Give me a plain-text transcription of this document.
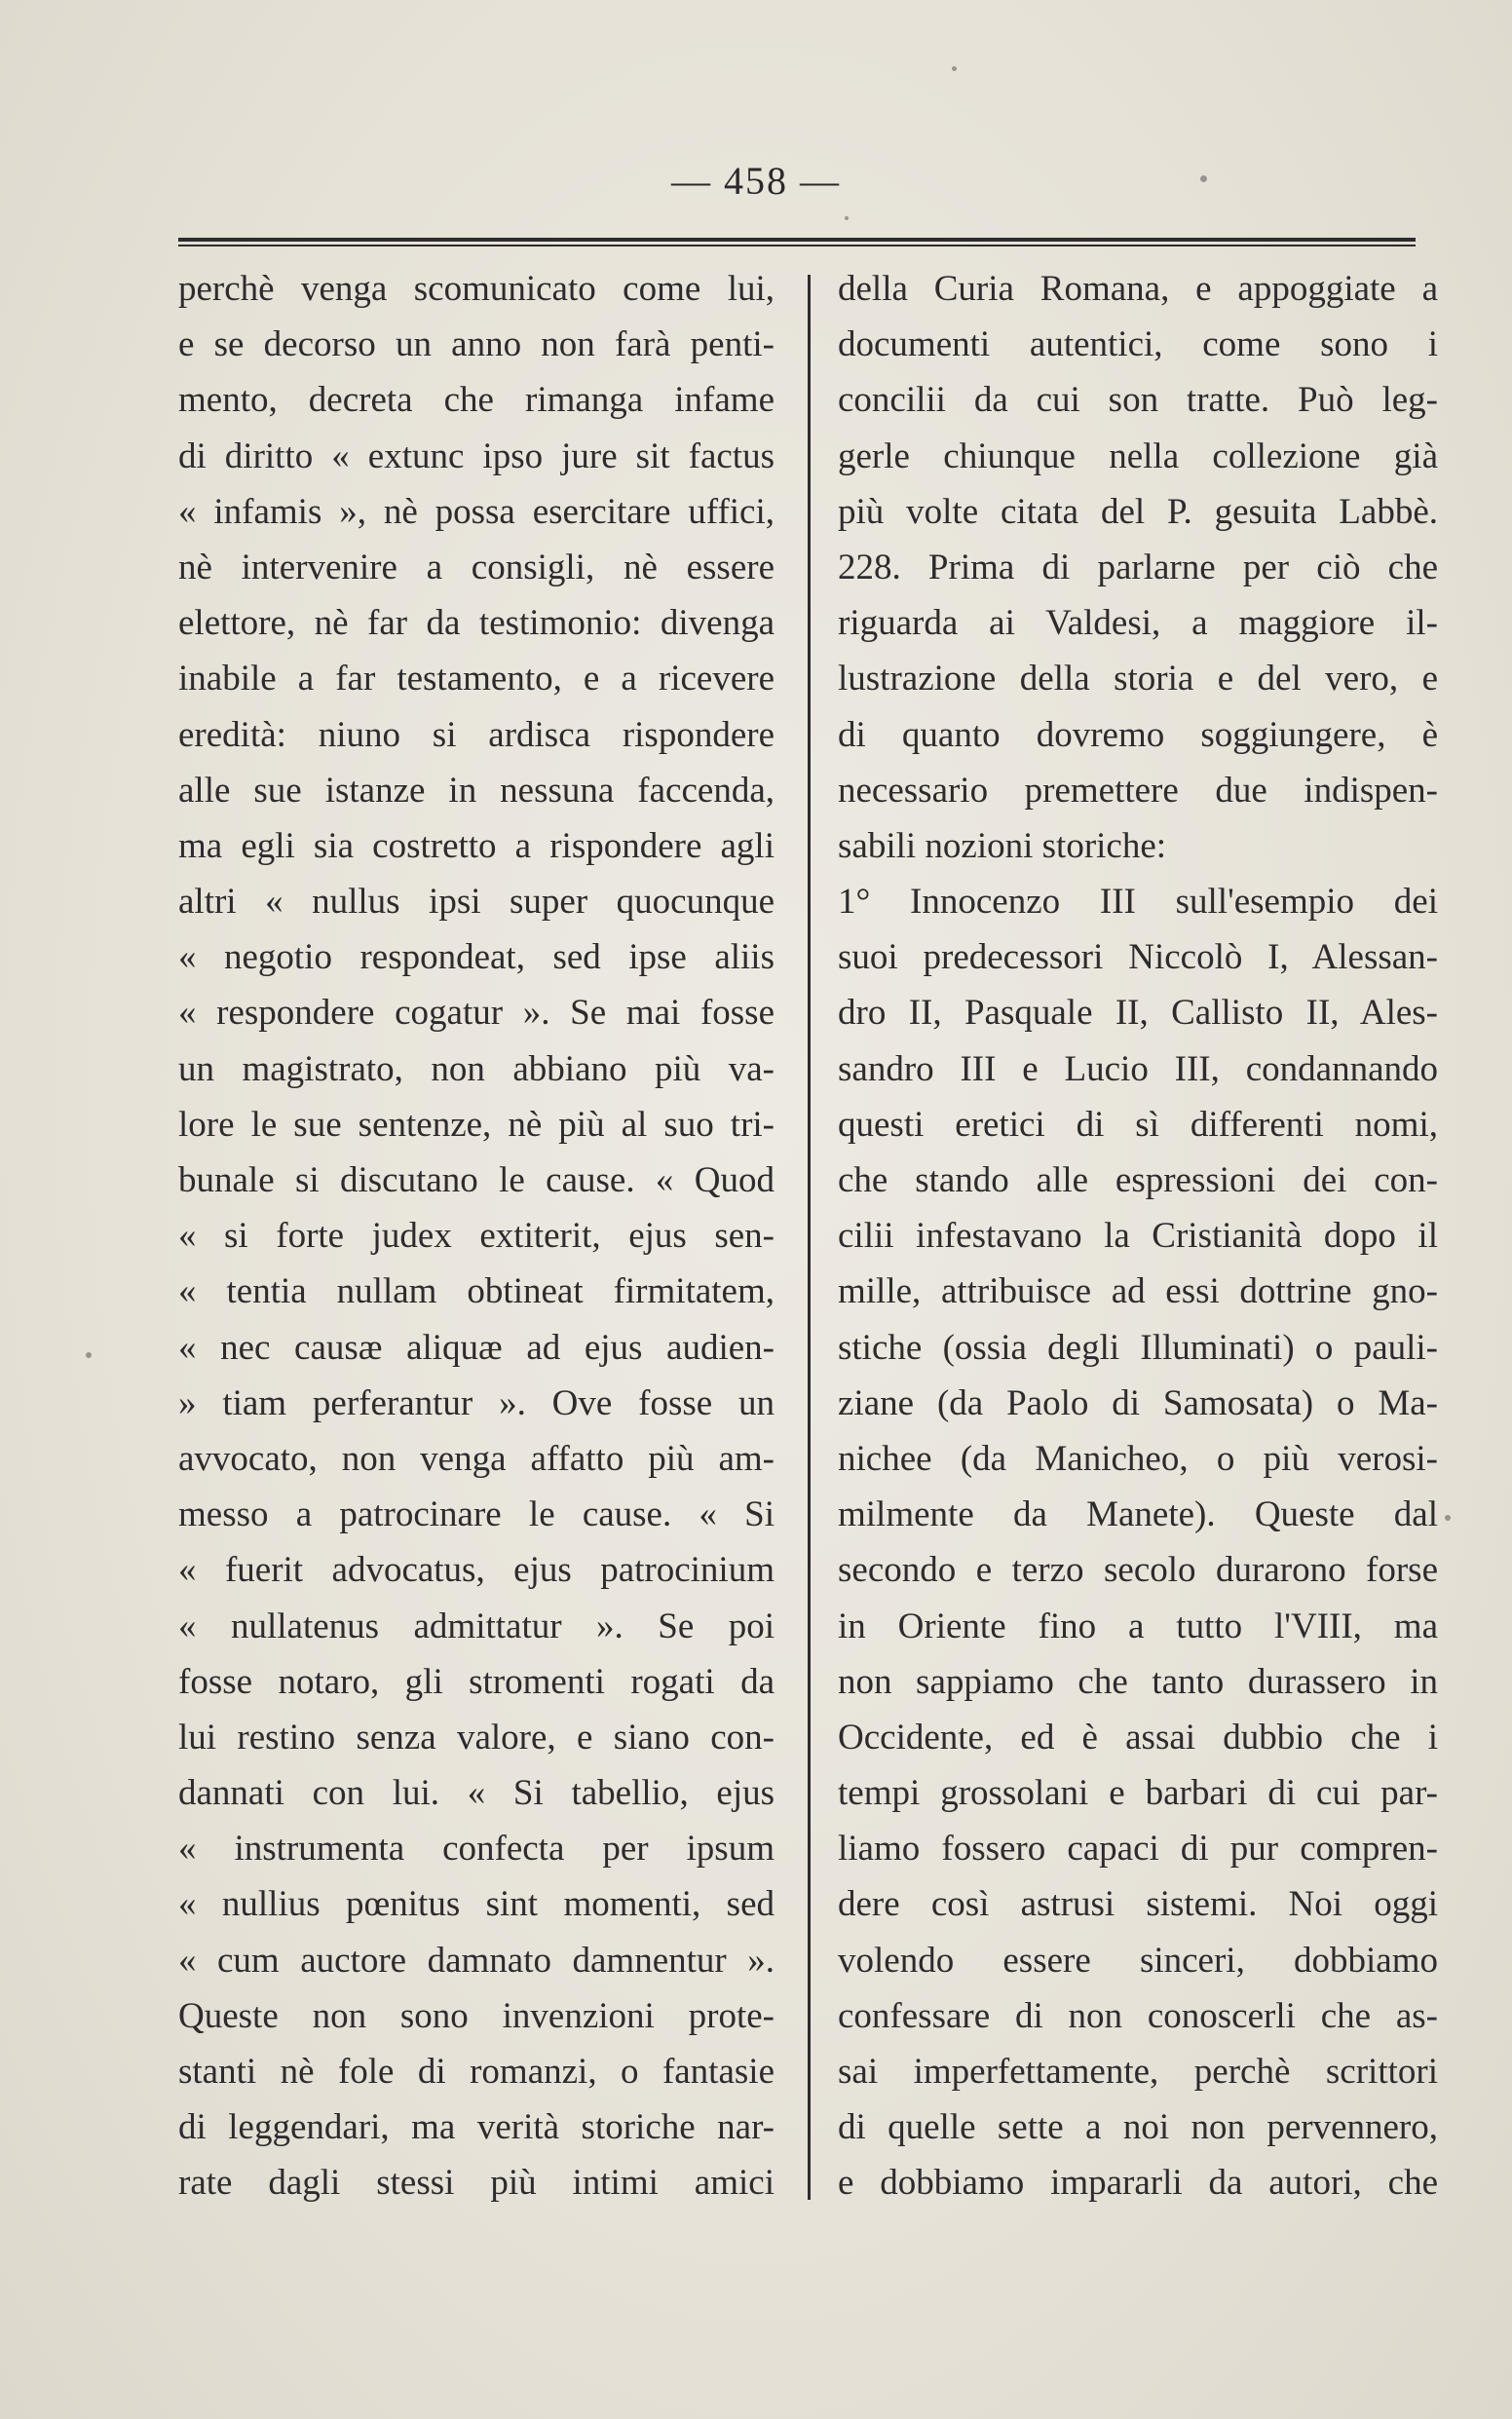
— 458 —
perchè venga scomunicato come lui,
e se decorso un anno non farà penti-
mento, decreta che rimanga infame
di diritto « extunc ipso jure sit factus
« infamis », nè possa esercitare uffici,
nè intervenire a consigli, nè essere
elettore, nè far da testimonio: divenga
inabile a far testamento, e a ricevere
eredità: niuno si ardisca rispondere
alle sue istanze in nessuna faccenda,
ma egli sia costretto a rispondere agli
altri « nullus ipsi super quocunque
« negotio respondeat, sed ipse aliis
« respondere cogatur ». Se mai fosse
un magistrato, non abbiano più va-
lore le sue sentenze, nè più al suo tri-
bunale si discutano le cause. « Quod
« si forte judex extiterit, ejus sen-
« tentia nullam obtineat firmitatem,
« nec causæ aliquæ ad ejus audien-
» tiam perferantur ». Ove fosse un
avvocato, non venga affatto più am-
messo a patrocinare le cause. « Si
« fuerit advocatus, ejus patrocinium
« nullatenus admittatur ». Se poi
fosse notaro, gli stromenti rogati da
lui restino senza valore, e siano con-
dannati con lui. « Si tabellio, ejus
« instrumenta confecta per ipsum
« nullius pœnitus sint momenti, sed
« cum auctore damnato damnentur ».
Queste non sono invenzioni prote-
stanti nè fole di romanzi, o fantasie
di leggendari, ma verità storiche nar-
rate dagli stessi più intimi amici
della Curia Romana, e appoggiate a
documenti autentici, come sono i
concilii da cui son tratte. Può leg-
gerle chiunque nella collezione già
più volte citata del P. gesuita Labbè.
228. Prima di parlarne per ciò che
riguarda ai Valdesi, a maggiore il-
lustrazione della storia e del vero, e
di quanto dovremo soggiungere, è
necessario premettere due indispen-
sabili nozioni storiche:
1° Innocenzo III sull'esempio dei
suoi predecessori Niccolò I, Alessan-
dro II, Pasquale II, Callisto II, Ales-
sandro III e Lucio III, condannando
questi eretici di sì differenti nomi,
che stando alle espressioni dei con-
cilii infestavano la Cristianità dopo il
mille, attribuisce ad essi dottrine gno-
stiche (ossia degli Illuminati) o pauli-
ziane (da Paolo di Samosata) o Ma-
nichee (da Manicheo, o più verosi-
milmente da Manete). Queste dal
secondo e terzo secolo durarono forse
in Oriente fino a tutto l'VIII, ma
non sappiamo che tanto durassero in
Occidente, ed è assai dubbio che i
tempi grossolani e barbari di cui par-
liamo fossero capaci di pur compren-
dere così astrusi sistemi. Noi oggi
volendo essere sinceri, dobbiamo
confessare di non conoscerli che as-
sai imperfettamente, perchè scrittori
di quelle sette a noi non pervennero,
e dobbiamo impararli da autori, che
